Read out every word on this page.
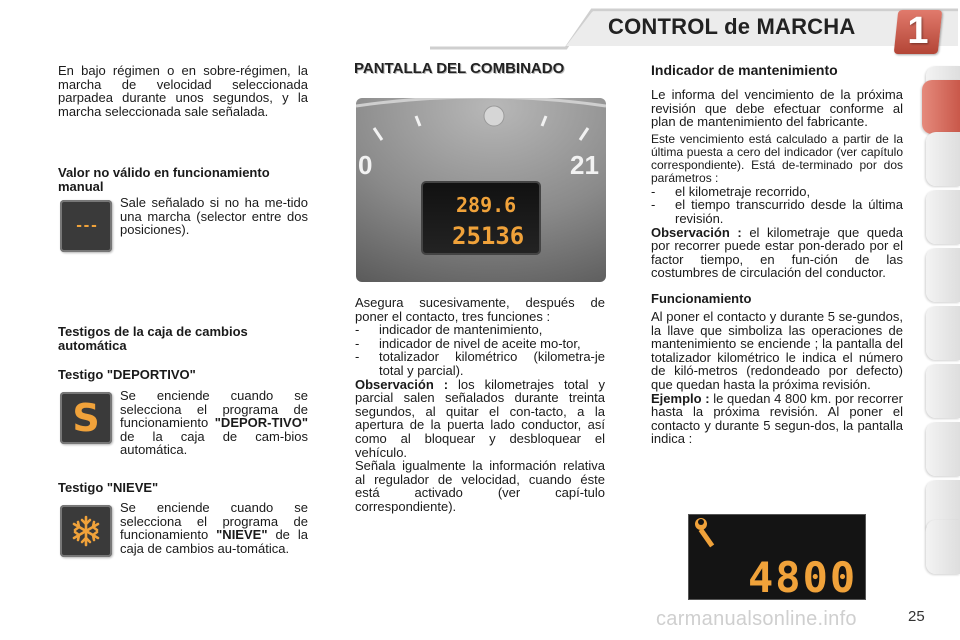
CONTROL de MARCHA	1
En bajo régimen o en sobre-régimen, la marcha de velocidad seleccionada parpadea durante unos segundos, y la marcha seleccionada sale señalada.
Valor no válido en funcionamiento manual
---
Sale señalado si no ha me-tido una marcha (selector entre dos posiciones).
Testigos de la caja de cambios automática
Testigo "DEPORTIVO"
S
Se enciende cuando se selecciona el programa de funcionamiento "DEPOR-TIVO" de la caja de cam-bios automática.
Testigo "NIEVE"
Se enciende cuando se selecciona el programa de funcionamiento "NIEVE" de la caja de cambios au-tomática.
PANTALLA DEL COMBINADO
0	21
289.6
25136

Asegura sucesivamente, después de poner el contacto, tres funciones :

- indicador de mantenimiento,
- indicador de nivel de aceite mo-tor,
- totalizador kilométrico (kilometra-je total y parcial).

Observación : los kilometrajes total y parcial salen señalados durante treinta segundos, al quitar el con-tacto, a la apertura de la puerta lado conductor, así como al bloquear y desbloquear el vehículo.

Señala igualmente la información relativa al regulador de velocidad, cuando éste está activado (ver capí-tulo correspondiente).

Indicador de mantenimiento

Le informa del vencimiento de la próxima revisión que debe efectuar conforme al plan de mantenimiento del fabricante.

Este vencimiento está calculado a partir de la última puesta a cero del indicador (ver capítulo correspondiente). Está de-terminado por dos parámetros :

- el kilometraje recorrido,
- el tiempo transcurrido desde la última revisión.

Observación : el kilometraje que queda por recorrer puede estar pon-derado por el factor tiempo, en fun-ción de las costumbres de circulación del conductor.

Funcionamiento

Al poner el contacto y durante 5 se-gundos, la llave que simboliza las operaciones de mantenimiento se enciende ; la pantalla del totalizador kilométrico le indica el número de kiló-metros (redondeado por defecto) que quedan hasta la próxima revisión.

Ejemplo : le quedan 4 800 km. por recorrer hasta la próxima revisión. Al poner el contacto y durante 5 segun-dos, la pantalla indica :

4800
carmanualsonline.info	25
